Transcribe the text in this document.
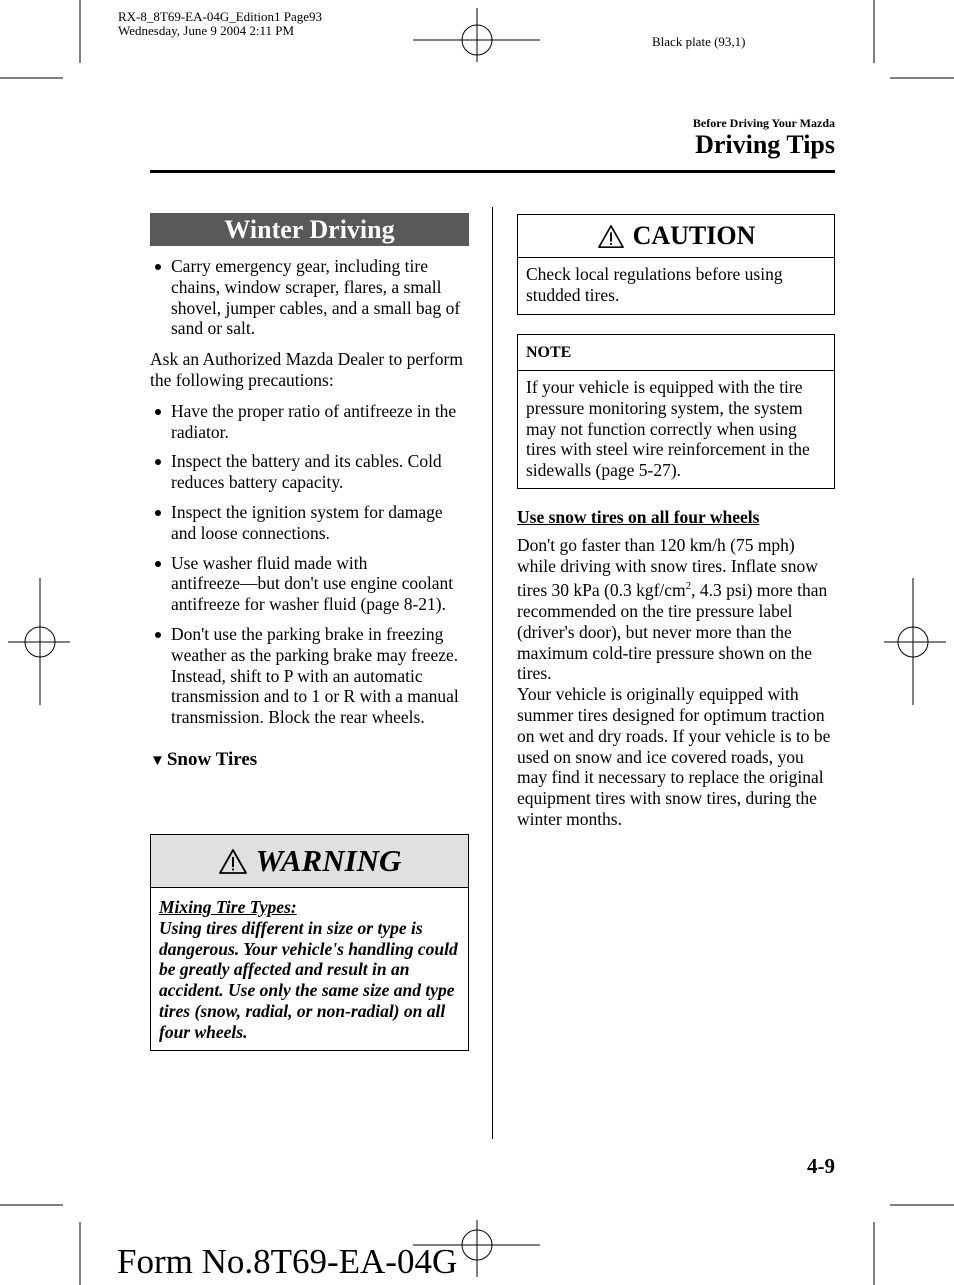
RX-8_8T69-EA-04G_Edition1 Page93
Wednesday, June 9 2004 2:11 PM
Black plate (93,1)
Before Driving Your Mazda
Driving Tips
Winter Driving
Carry emergency gear, including tire chains, window scraper, flares, a small shovel, jumper cables, and a small bag of sand or salt.

Ask an Authorized Mazda Dealer to perform the following precautions:

Have the proper ratio of antifreeze in the radiator.
Inspect the battery and its cables. Cold reduces battery capacity.
Inspect the ignition system for damage and loose connections.
Use washer fluid made with antifreeze―but don't use engine coolant antifreeze for washer fluid (page 8-21).
Don't use the parking brake in freezing weather as the parking brake may freeze. Instead, shift to P with an automatic transmission and to 1 or R with a manual transmission. Block the rear wheels.
▼ Snow Tires
WARNING
Mixing Tire Types:
Using tires different in size or type is dangerous. Your vehicle's handling could be greatly affected and result in an accident. Use only the same size and type tires (snow, radial, or non-radial) on all four wheels.
CAUTION
Check local regulations before using studded tires.
NOTE
If your vehicle is equipped with the tire pressure monitoring system, the system may not function correctly when using tires with steel wire reinforcement in the sidewalls (page 5-27).
Use snow tires on all four wheels

Don't go faster than 120 km/h (75 mph) while driving with snow tires. Inflate snow tires 30 kPa (0.3 kgf/$cm^2$, 4.3 psi) more than recommended on the tire pressure label (driver's door), but never more than the maximum cold-tire pressure shown on the tires.

Your vehicle is originally equipped with summer tires designed for optimum traction on wet and dry roads. If your vehicle is to be used on snow and ice covered roads, you may find it necessary to replace the original equipment tires with snow tires, during the winter months.

4-9
Form No.8T69-EA-04G
